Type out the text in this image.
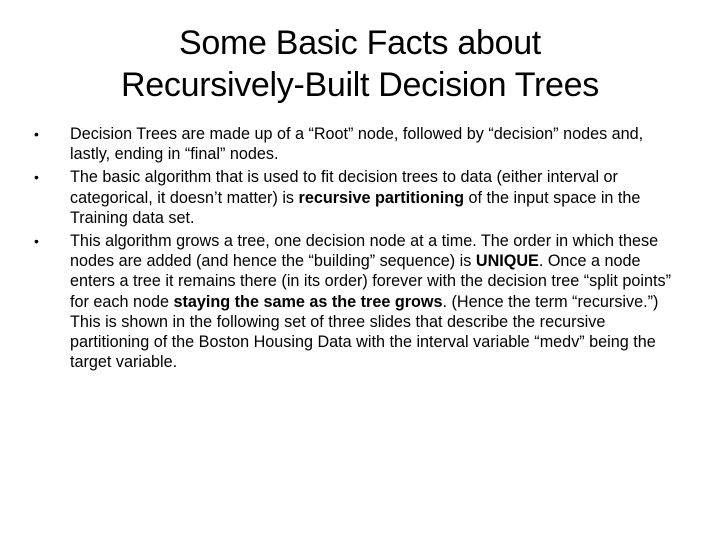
Some Basic Facts about
Recursively-Built Decision Trees
• Decision Trees are made up of a “Root” node, followed by “decision” nodes and, lastly, ending in “final” nodes.
• The basic algorithm that is used to fit decision trees to data (either interval or categorical, it doesn’t matter) is recursive partitioning of the input space in the Training data set.
• This algorithm grows a tree, one decision node at a time. The order in which these nodes are added (and hence the “building” sequence) is UNIQUE. Once a node enters a tree it remains there (in its order) forever with the decision tree “split points” for each node staying the same as the tree grows. (Hence the term “recursive.”) This is shown in the following set of three slides that describe the recursive partitioning of the Boston Housing Data with the interval variable “medv” being the target variable.
